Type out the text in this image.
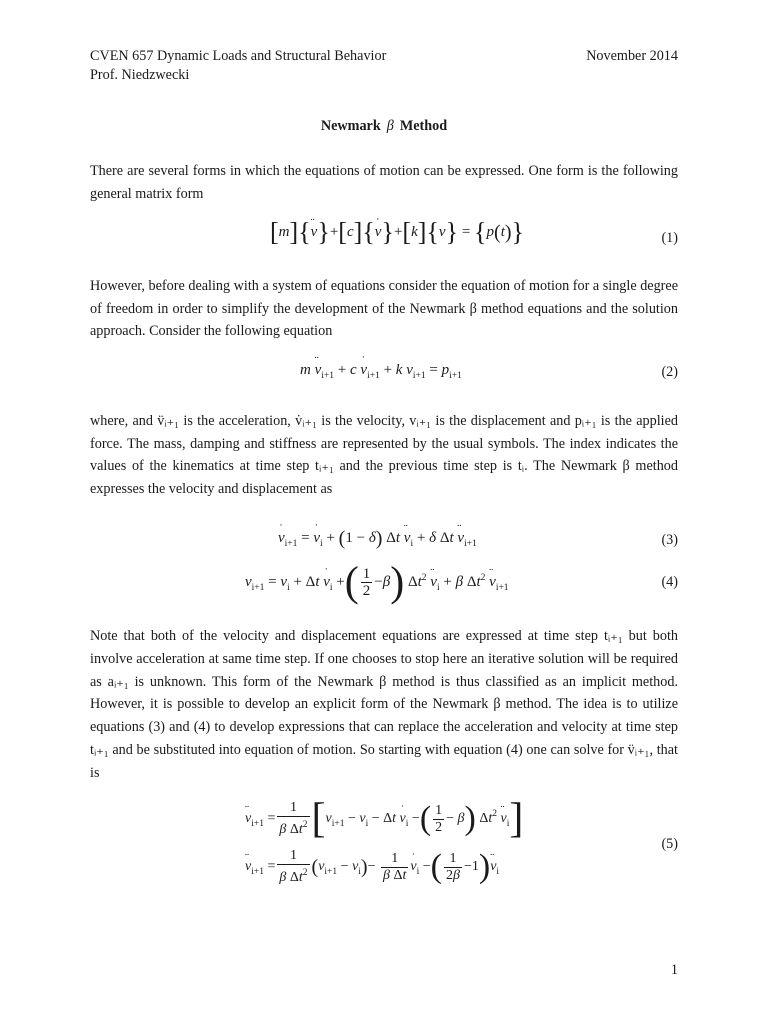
CVEN 657 Dynamic Loads and Structural Behavior
Prof. Niedzwecki
November 2014
Newmark β Method
There are several forms in which the equations of motion can be expressed. One form is the following general matrix form
[m]{¨ v}+[c]{˙ v}+[k]{v} = {p(t)}	(1)
However, before dealing with a system of equations consider the equation of motion for a single degree of freedom in order to simplify the development of the Newmark β method equations and the solution approach. Consider the following equation
m ¨ $v_{i+1} + c$ ˙ $v_{i+1} + k$ $v_{i+1} = p_{i+1}$	(2)
where, and v̈ᵢ₊₁ is the acceleration, v̇ᵢ₊₁ is the velocity, vᵢ₊₁ is the displacement and pᵢ₊₁ is the applied force. The mass, damping and stiffness are represented by the usual symbols. The index indicates the values of the kinematics at time step tᵢ₊₁ and the previous time step is tᵢ. The Newmark β method expresses the velocity and displacement as
˙ $v_{i+1}$ = ˙ $v_i + (1 - \delta)$ Δt ¨ $v_i + \delta$ Δt ¨ $v_{i+1}$	(3)
$v_{i+1} = v_i + \Delta t$ ˙ $v_i$ +( $\frac{1}{2} -\beta$) $\Delta t^2$ ¨ $v_i + \beta$ $\Delta t^2$ ¨ $v_{i+1}$	(4)
Note that both of the velocity and displacement equations are expressed at time step tᵢ₊₁ but both involve acceleration at same time step. If one chooses to stop here an iterative solution will be required as aᵢ₊₁ is unknown. This form of the Newmark β method is thus classified as an implicit method. However, it is possible to develop an explicit form of the Newmark β method. The idea is to utilize equations (3) and (4) to develop expressions that can replace the acceleration and velocity at time step tᵢ₊₁ and be substituted into equation of motion. So starting with equation (4) one can solve for v̈ᵢ₊₁, that is
¨ $v_{i+1} = \frac{1}{\beta \Delta t^2} [v_{i+1} - v_i - \Delta t$ ˙ $v_i$ −( $\frac{1}{2} - \beta$) $\Delta t^2$ ¨ $v_i$]
¨ $v_{i+1} = \frac{1}{\beta \Delta t^2} (v_{i+1} - v_i)- \frac{1}{\text{β Δt}}$ ˙ $v_i$ −( $\frac{1}{2\beta}$ −1)¨ $v_i$
(5)
1
